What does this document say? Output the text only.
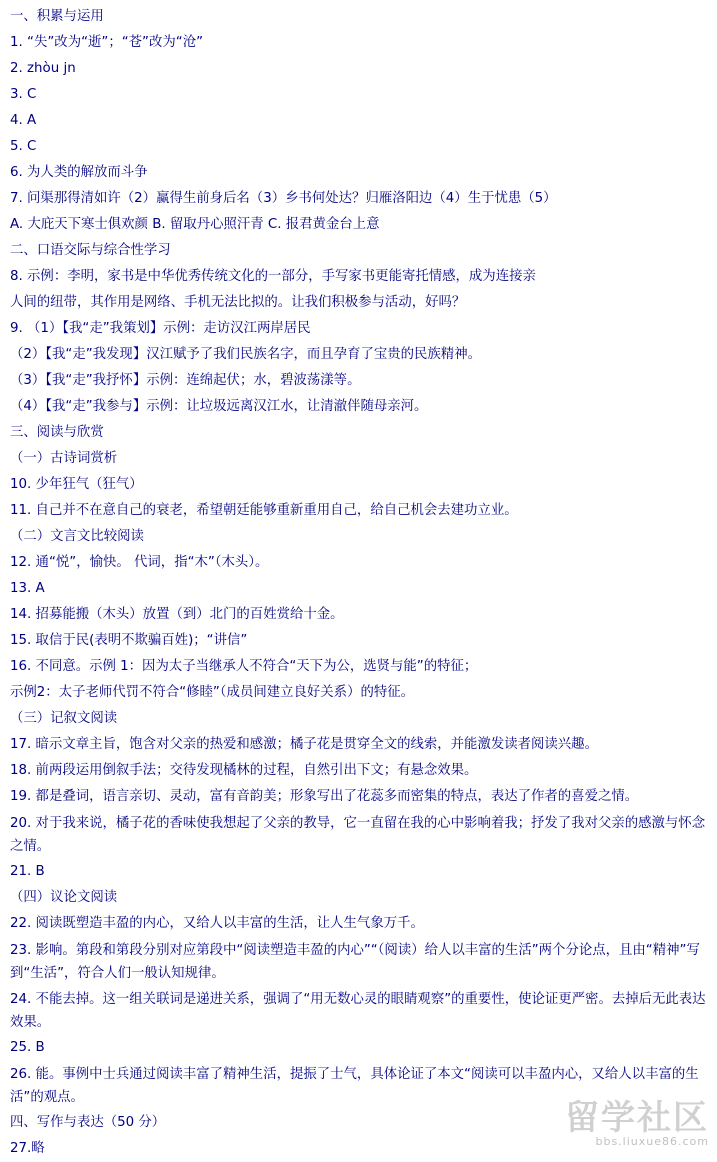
一、积累与运用
1. “失”改为“逝”；“苍”改为“沧”
2. zhòu jn
3. C
4. A
5. C
6. 为人类的解放而斗争
7. 问渠那得清如许（2）赢得生前身后名（3）乡书何处达？归雁洛阳边（4）生于忧患（5）
A. 大庇天下寒士俱欢颜 B. 留取丹心照汗青 C. 报君黄金台上意
二、口语交际与综合性学习
8. 示例：李明，家书是中华优秀传统文化的一部分，手写家书更能寄托情感，成为连接亲
人间的纽带，其作用是网络、手机无法比拟的。让我们积极参与活动，好吗？
9. （1）【我“走”我策划】示例：走访汉江两岸居民
（2）【我“走”我发现】汉江赋予了我们民族名字，而且孕育了宝贵的民族精神。
（3）【我“走”我抒怀】示例：连绵起伏；水，碧波荡漾等。
（4）【我“走”我参与】示例：让垃圾远离汉江水，让清澈伴随母亲河。
三、阅读与欣赏
（一）古诗词赏析
10. 少年狂气（狂气）
11. 自己并不在意自己的衰老，希望朝廷能够重新重用自己，给自己机会去建功立业。
（二）文言文比较阅读
12. 通“悦”，愉快。 代词，指“木”（木头）。
13. A
14. 招募能搬（木头）放置（到）北门的百姓赏给十金。
15. 取信于民(表明不欺骗百姓)；“讲信”
16. 不同意。示例 1：因为太子当继承人不符合“天下为公，选贤与能”的特征；
示例2：太子老师代罚不符合“修睦”（成员间建立良好关系）的特征。
（三）记叙文阅读
17. 暗示文章主旨，饱含对父亲的热爱和感激；橘子花是贯穿全文的线索，并能激发读者阅读兴趣。
18. 前两段运用倒叙手法；交待发现橘林的过程，自然引出下文；有悬念效果。
19. 都是叠词，语言亲切、灵动，富有音韵美；形象写出了花蕊多而密集的特点，表达了作者的喜爱之情。
20. 对于我来说，橘子花的香味使我想起了父亲的教导，它一直留在我的心中影响着我；抒发了我对父亲的感激与怀念之情。
21. B
（四）议论文阅读
22. 阅读既塑造丰盈的内心，又给人以丰富的生活，让人生气象万千。
23. 影响。第段和第段分别对应第段中“阅读塑造丰盈的内心”“（阅读）给人以丰富的生活”两个分论点，且由“精神”写到“生活”，符合人们一般认知规律。
24. 不能去掉。这一组关联词是递进关系，强调了“用无数心灵的眼睛观察”的重要性，使论证更严密。去掉后无此表达效果。
25. B
26. 能。事例中士兵通过阅读丰富了精神生活，提振了士气，具体论证了本文“阅读可以丰盈内心，又给人以丰富的生活”的观点。
四、写作与表达（50 分）
27.略
留学社区
bbs.liuxue86.com
